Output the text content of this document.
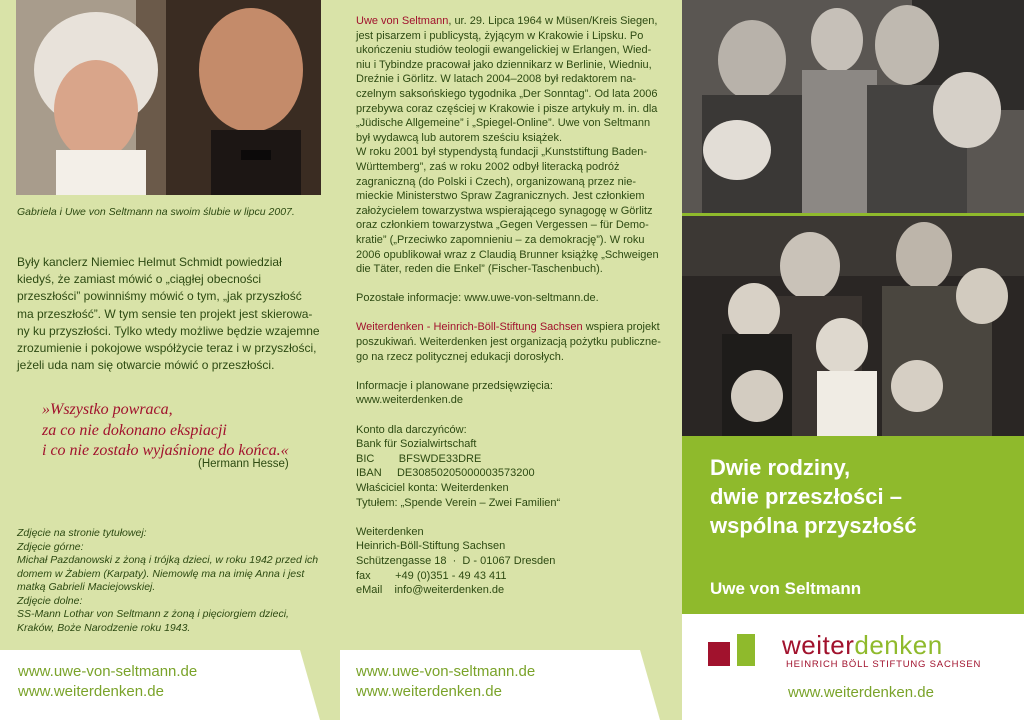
Gabriela i Uwe von Seltmann na swoim ślubie w lipcu 2007.
Były kanclerz Niemiec Helmut Schmidt powiedział
kiedyś, że zamiast mówić o „ciągłej obecności
przeszłości” powinniśmy mówić o tym, „jak przyszłość
ma przeszłość”. W tym sensie ten projekt jest skierowa-
ny ku przyszłości. Tylko wtedy możliwe będzie wzajemne
zrozumienie i pokojowe współżycie teraz i w przyszłości,
jeżeli uda nam się otwarcie mówić o przeszłości.
»Wszystko powraca,
za co nie dokonano ekspiacji
i co nie zostało wyjaśnione do końca.«
(Hermann Hesse)
Zdjęcie na stronie tytułowej:
Zdjęcie górne:
Michał Pazdanowski z żoną i trójką dzieci, w roku 1942 przed ich
domem w Żabiem (Karpaty). Niemowlę ma na imię Anna i jest
matką Gabrieli Maciejowskiej.
Zdjęcie dolne:
SS-Mann Lothar von Seltmann z żoną i pięciorgiem dzieci,
Kraków, Boże Narodzenie roku 1943.
www.uwe-von-seltmann.de
www.weiterdenken.de

Uwe von Seltmann, ur. 29. Lipca 1964 w Müsen/Kreis Siegen,
jest pisarzem i publicystą, żyjącym w Krakowie i Lipsku. Po
ukończeniu studiów teologii ewangelickiej w Erlangen, Wied-
niu i Tybindze pracował jako dziennikarz w Berlinie, Wiedniu,
Dreźnie i Görlitz. W latach 2004–2008 był redaktorem na-
czelnym saksońskiego tygodnika „Der Sonntag”. Od lata 2006
przebywa coraz częściej w Krakowie i pisze artykuły m. in. dla
„Jüdische Allgemeine” i „Spiegel-Online”. Uwe von Seltmann
był wydawcą lub autorem sześciu książek.
W roku 2001 był stypendystą fundacji „Kunststiftung Baden-
Württemberg”, zaś w roku 2002 odbył literacką podróż
zagraniczną (do Polski i Czech), organizowaną przez nie-
mieckie Ministerstwo Spraw Zagranicznych. Jest członkiem
założycielem towarzystwa wspierającego synagogę w Görlitz
oraz członkiem towarzystwa „Gegen Vergessen – für Demo-
kratie” („Przeciwko zapomnieniu – za demokrację”). W roku
2006 opublikował wraz z Claudią Brunner książkę „Schweigen
die Täter, reden die Enkel” (Fischer-Taschenbuch).

Pozostałe informacje: www.uwe-von-seltmann.de.

Weiterdenken - Heinrich-Böll-Stiftung Sachsen wspiera projekt
poszukiwań. Weiterdenken jest organizacją pożytku publiczne-
go na rzecz politycznej edukacji dorosłych.

Informacje i planowane przedsięwzięcia:
www.weiterdenken.de

Konto dla darczyńców:
Bank für Sozialwirtschaft
BIC        BFSWDE33DRE
IBAN     DE30850205000003573200
Właściciel konta: Weiterdenken
Tytułem: „Spende Verein – Zwei Familien“

Weiterdenken
Heinrich-Böll-Stiftung Sachsen
Schützengasse 18  ·  D - 01067 Dresden
fax        +49 (0)351 - 49 43 411
eMail    info@weiterdenken.de

www.uwe-von-seltmann.de
www.weiterdenken.de
Dwie rodziny,
dwie przeszłości –
wspólna przyszłość
Uwe von Seltmann
weiterdenken
HEINRICH BÖLL STIFTUNG SACHSEN
www.weiterdenken.de
